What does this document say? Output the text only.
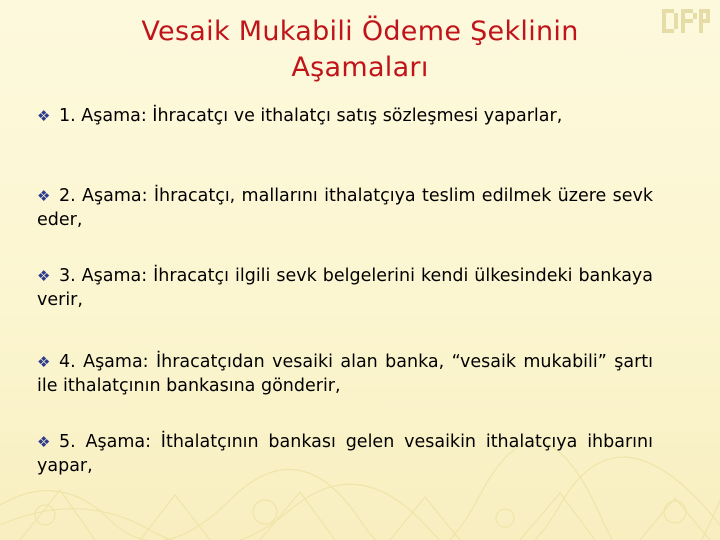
Vesaik Mukabili Ödeme Şeklinin Aşamaları
❖ 1. Aşama: İhracatçı ve ithalatçı satış sözleşmesi yaparlar,
❖ 2. Aşama: İhracatçı, mallarını ithalatçıya teslim edilmek üzere sevk eder,
❖ 3. Aşama: İhracatçı ilgili sevk belgelerini kendi ülkesindeki bankaya verir,
❖ 4. Aşama: İhracatçıdan vesaiki alan banka, “vesaik mukabili” şartı ile ithalatçının bankasına gönderir,
❖ 5. Aşama: İthalatçının bankası gelen vesaikin ithalatçıya ihbarını yapar,
